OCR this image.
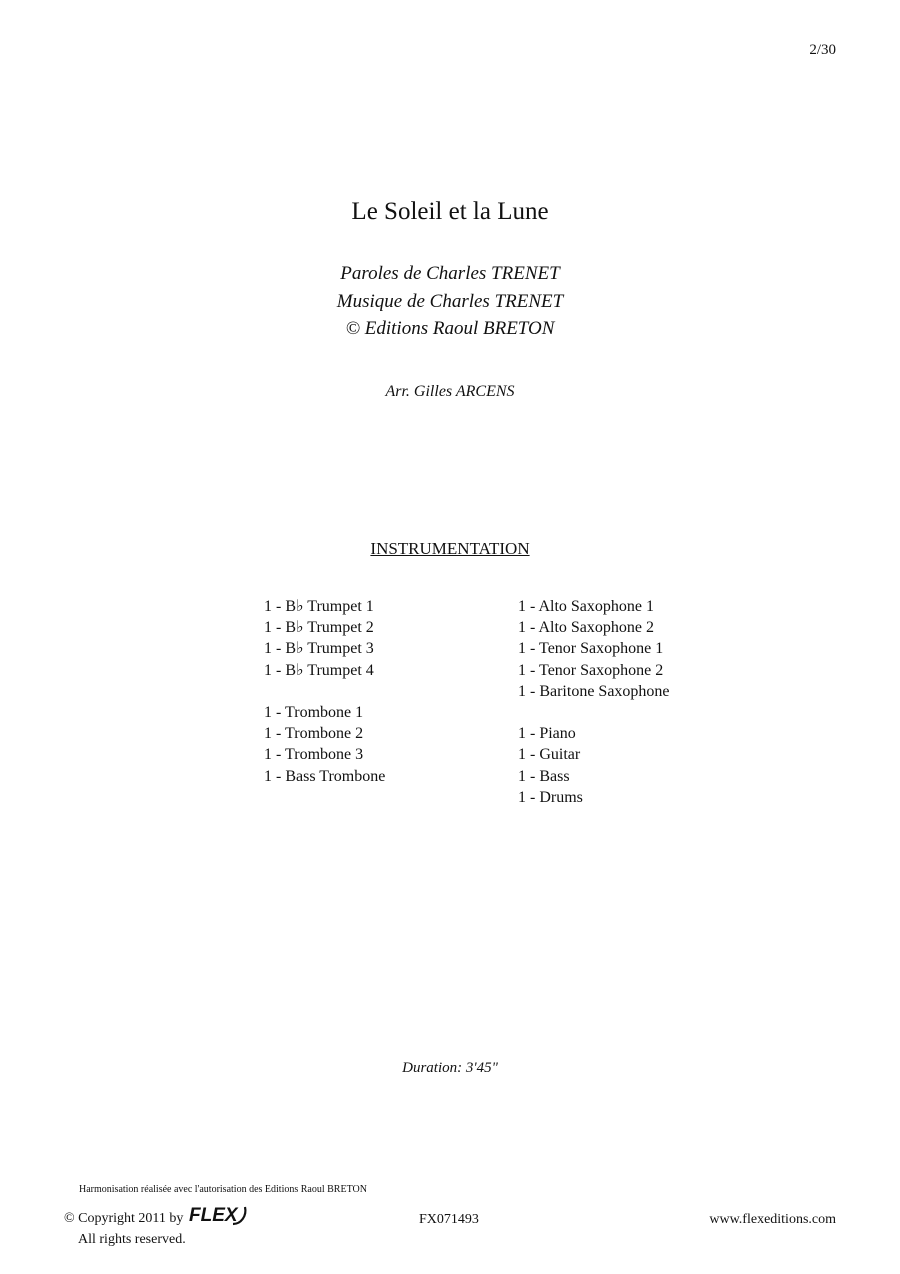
2/30
Le Soleil et la Lune
Paroles de Charles TRENET
Musique de Charles TRENET
© Editions Raoul BRETON
Arr. Gilles ARCENS
INSTRUMENTATION
1 - B♭ Trumpet 1
1 - B♭ Trumpet 2
1 - B♭ Trumpet 3
1 - B♭ Trumpet 4
1 - Trombone 1
1 - Trombone 2
1 - Trombone 3
1 - Bass Trombone
1 - Alto Saxophone 1
1 - Alto Saxophone 2
1 - Tenor Saxophone 1
1 - Tenor Saxophone 2
1 - Baritone Saxophone
1 - Piano
1 - Guitar
1 - Bass
1 - Drums
Duration: 3'45"
Harmonisation réalisée avec l'autorisation des Editions Raoul BRETON
© Copyright 2011 by FLEX
All rights reserved.
FX071493	www.flexeditions.com
